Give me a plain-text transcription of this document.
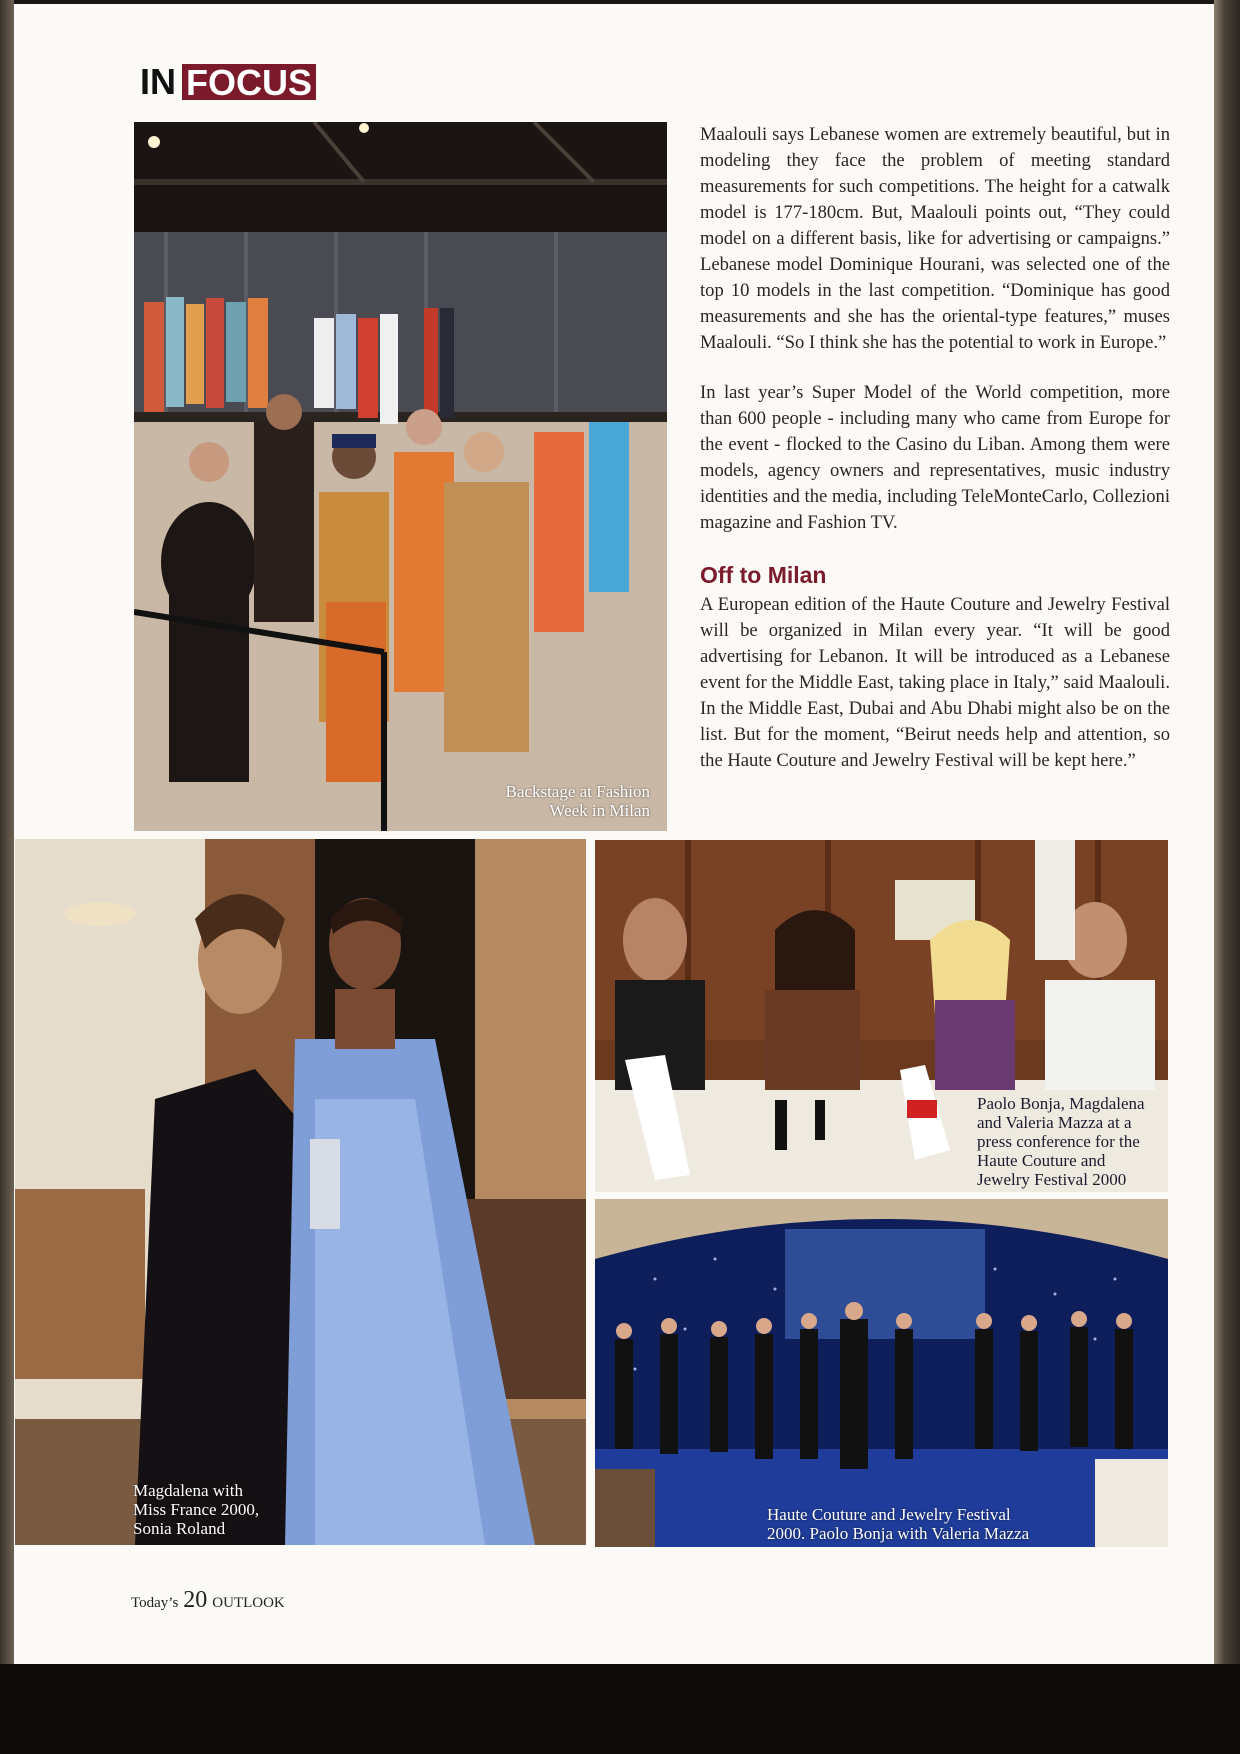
IN FOCUS
Backstage at Fashion
Week in Milan

Maalouli says Lebanese women are extremely beautiful, but in modeling they face the problem of meeting standard measurements for such competitions. The height for a catwalk model is 177-180cm. But, Maalouli points out, “They could model on a different basis, like for advertising or campaigns.” Lebanese model Dominique Hourani, was selected one of the top 10 models in the last competition. “Dominique has good measurements and she has the oriental-type features,” muses Maalouli. “So I think she has the potential to work in Europe.”

In last year’s Super Model of the World competition, more than 600 people - including many who came from Europe for the event - flocked to the Casino du Liban. Among them were models, agency owners and representatives, music industry identities and the media, including TeleMonteCarlo, Collezioni magazine and Fashion TV.

Off to Milan

A European edition of the Haute Couture and Jewelry Festival will be organized in Milan every year. “It will be good advertising for Lebanon. It will be introduced as a Lebanese event for the Middle East, taking place in Italy,” said Maalouli. In the Middle East, Dubai and Abu Dhabi might also be on the list. But for the moment, “Beirut needs help and attention, so the Haute Couture and Jewelry Festival will be kept here.”

Magdalena with
Miss France 2000,
Sonia Roland
Paolo Bonja, Magdalena
and Valeria Mazza at a
press conference for the
Haute Couture and
Jewelry Festival 2000
Haute Couture and Jewelry Festival
2000. Paolo Bonja with Valeria Mazza
Today’s 20 OUTLOOK
